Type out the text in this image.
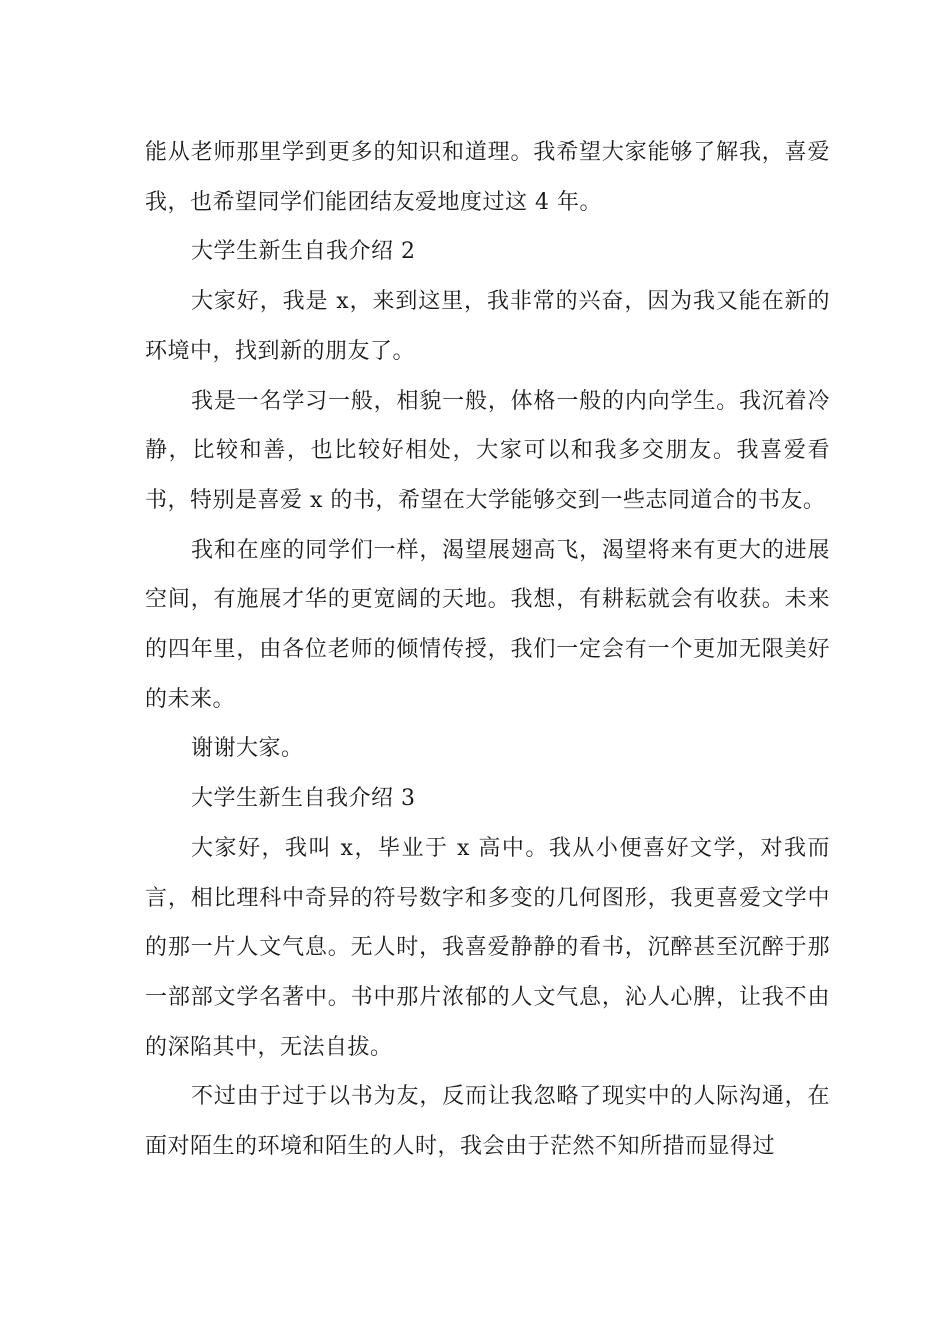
能从老师那里学到更多的知识和道理。我希望大家能够了解我，喜爱我，也希望同学们能团结友爱地度过这 4 年。

大学生新生自我介绍 2

大家好，我是 x，来到这里，我非常的兴奋，因为我又能在新的环境中，找到新的朋友了。

我是一名学习一般，相貌一般，体格一般的内向学生。我沉着冷静，比较和善，也比较好相处，大家可以和我多交朋友。我喜爱看书，特别是喜爱 x 的书，希望在大学能够交到一些志同道合的书友。

我和在座的同学们一样，渴望展翅高飞，渴望将来有更大的进展空间，有施展才华的更宽阔的天地。我想，有耕耘就会有收获。未来的四年里，由各位老师的倾情传授，我们一定会有一个更加无限美好的未来。

谢谢大家。

大学生新生自我介绍 3

大家好，我叫 x，毕业于 x 高中。我从小便喜好文学，对我而言，相比理科中奇异的符号数字和多变的几何图形，我更喜爱文学中的那一片人文气息。无人时，我喜爱静静的看书，沉醉甚至沉醉于那一部部文学名著中。书中那片浓郁的人文气息，沁人心脾，让我不由的深陷其中，无法自拔。

不过由于过于以书为友，反而让我忽略了现实中的人际沟通，在面对陌生的环境和陌生的人时，我会由于茫然不知所措而显得过
